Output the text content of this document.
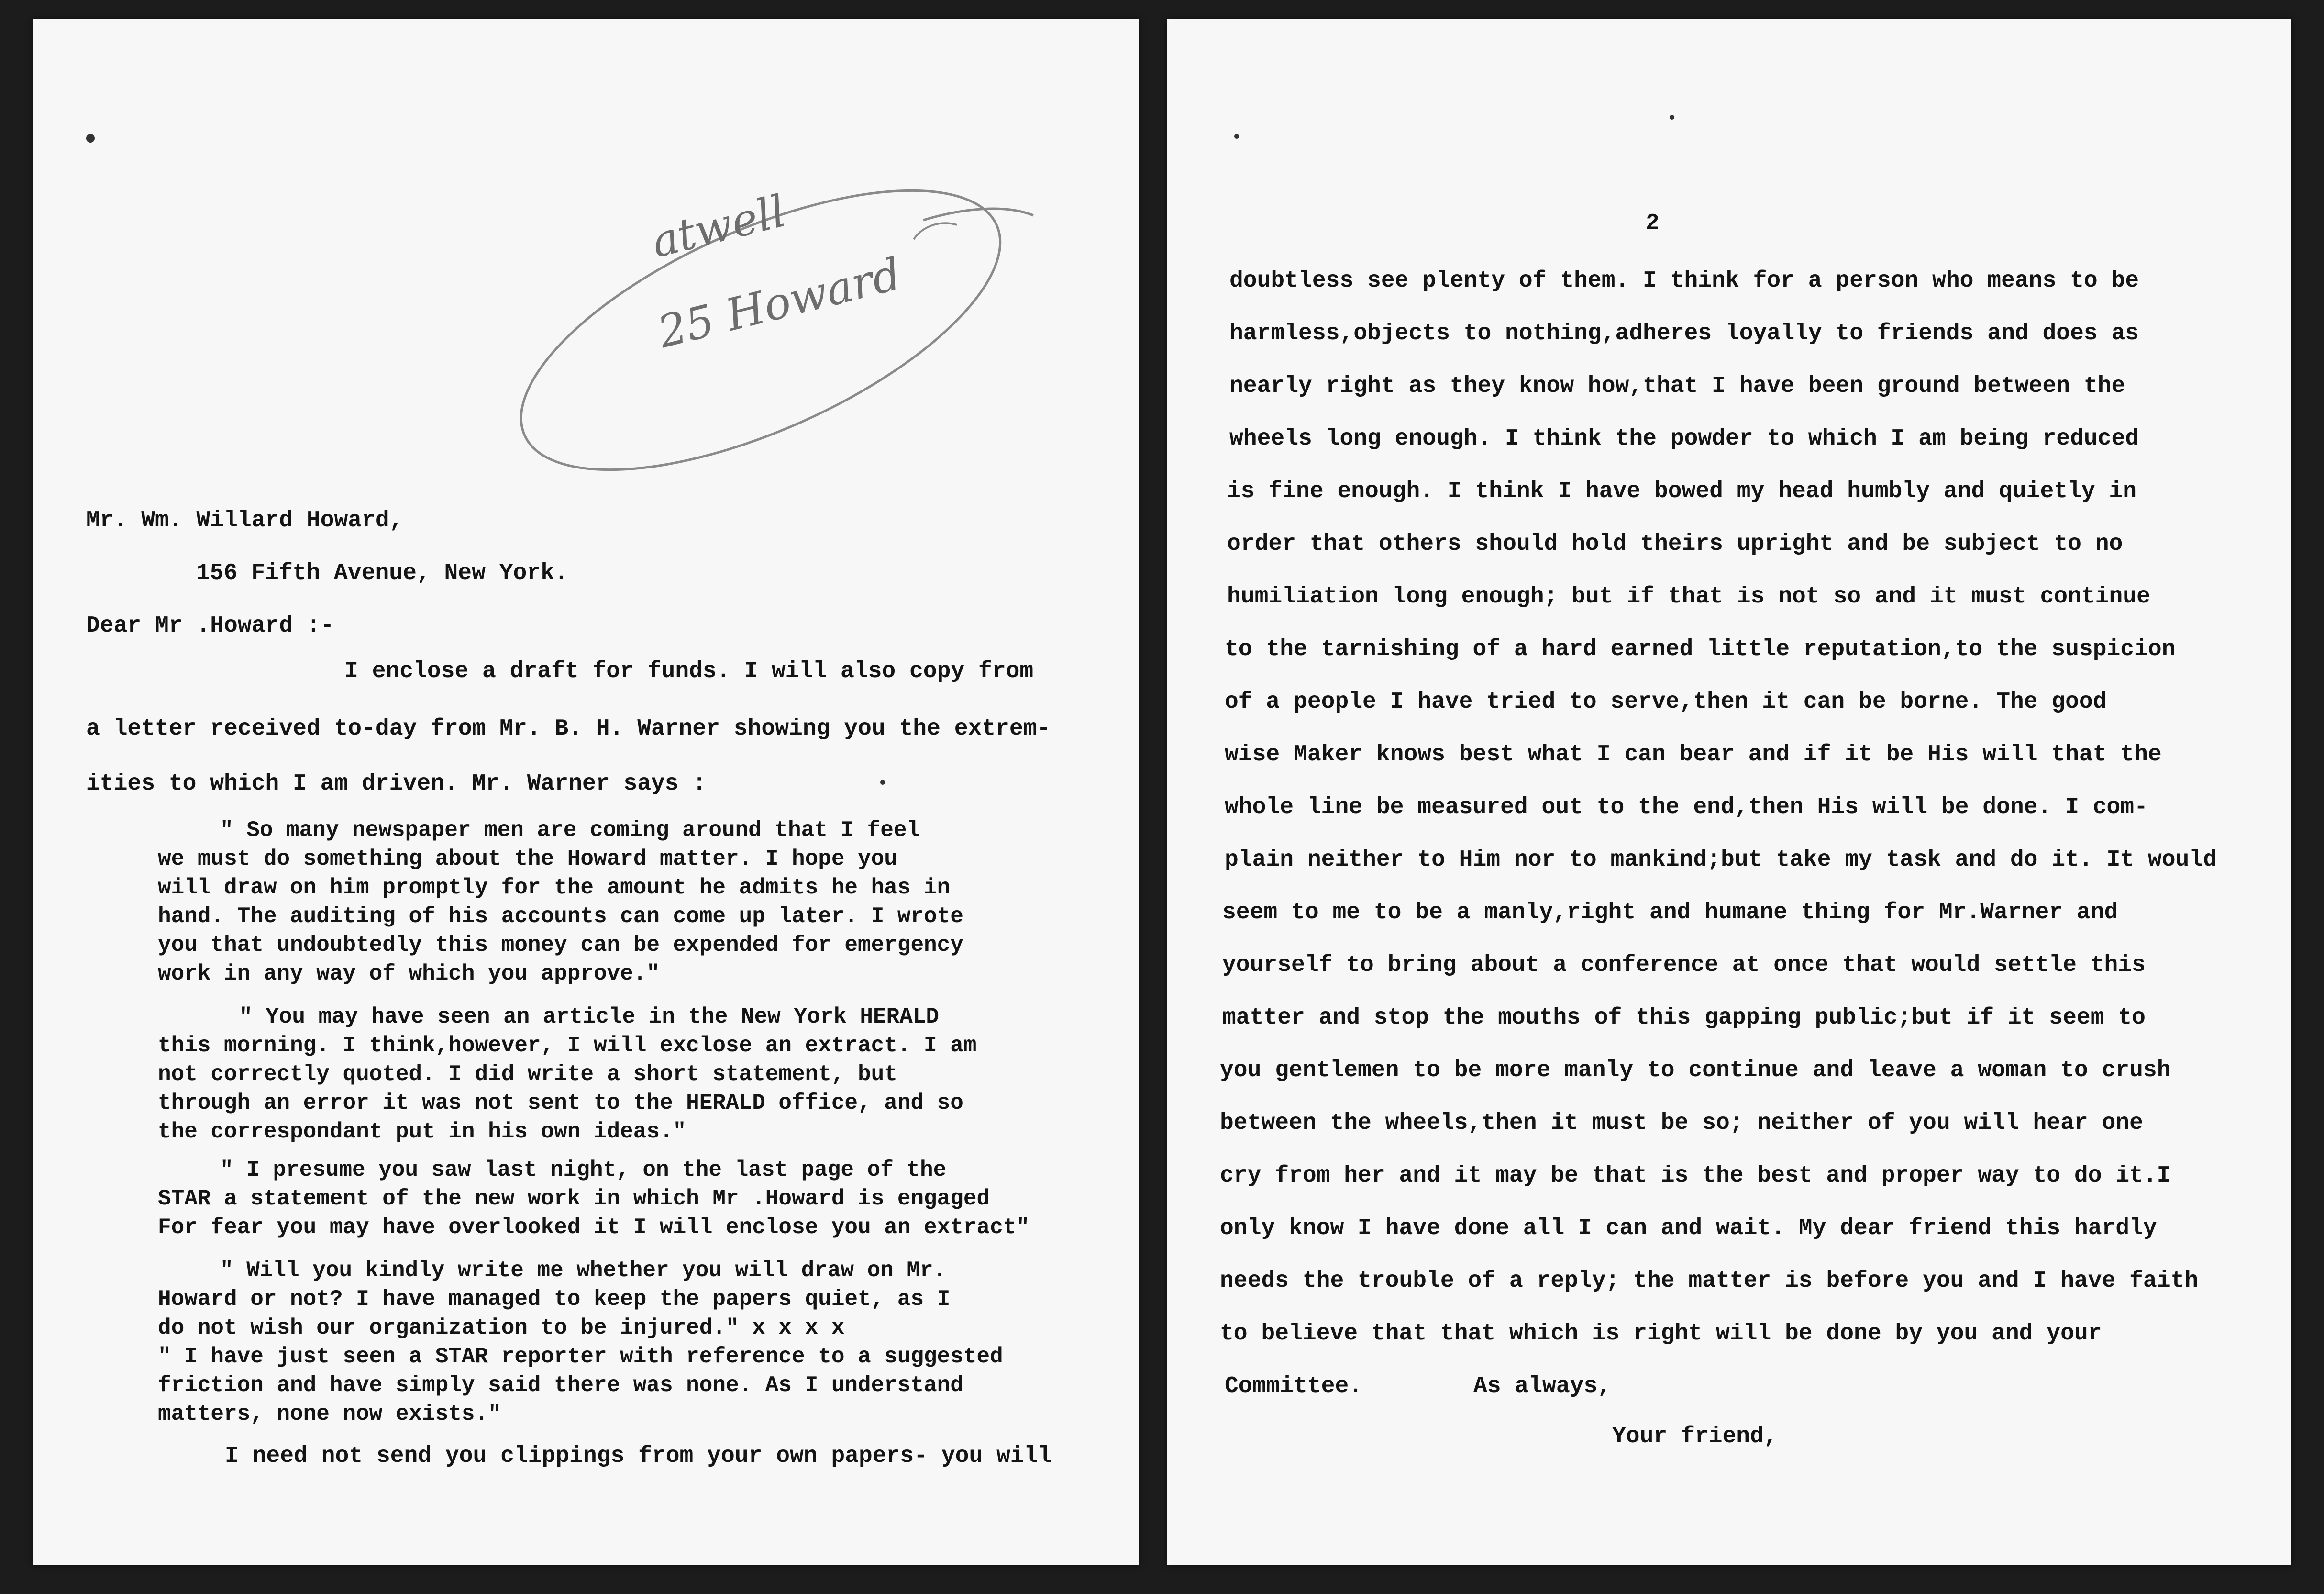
atwell
25 Howard
Mr. Wm. Willard Howard,
156 Fifth Avenue, New York.
Dear Mr .Howard :-
I enclose a draft for funds. I will also copy from
a letter received to-day from Mr. B. H. Warner showing you the extrem-
ities to which I am driven. Mr. Warner says :
" So many newspaper men are coming around that I feel
we must do something about the Howard matter. I hope you
will draw on him promptly for the amount he admits he has in
hand. The auditing of his accounts can come up later. I wrote
you that undoubtedly this money can be expended for emergency
work in any way of which you approve."
" You may have seen an article in the New York HERALD
this morning. I think,however, I will exclose an extract. I am
not correctly quoted. I did write a short statement, but
through an error it was not sent to the HERALD office, and so
the correspondant put in his own ideas."
" I presume you saw last night, on the last page of the
STAR a statement of the new work in which Mr .Howard is engaged
For fear you may have overlooked it I will enclose you an extract"
" Will you kindly write me whether you will draw on Mr.
Howard or not? I have managed to keep the papers quiet, as I
do not wish our organization to be injured." x x x x
" I have just seen a STAR reporter with reference to a suggested
friction and have simply said there was none. As I understand
matters, none now exists."
I need not send you clippings from your own papers- you will
2
doubtless see plenty of them. I think for a person who means to be
harmless,objects to nothing,adheres loyally to friends and does as
nearly right as they know how,that I have been ground between the
wheels long enough. I think the powder to which I am being reduced
is fine enough. I think I have bowed my head humbly and quietly in
order that others should hold theirs upright and be subject to no
humiliation long enough; but if that is not so and it must continue
to the tarnishing of a hard earned little reputation,to the suspicion
of a people I have tried to serve,then it can be borne. The good
wise Maker knows best what I can bear and if it be His will that the
whole line be measured out to the end,then His will be done. I com-
plain neither to Him nor to mankind;but take my task and do it. It would
seem to me to be a manly,right and humane thing for Mr.Warner and
yourself to bring about a conference at once that would settle this
matter and stop the mouths of this gapping public;but if it seem to
you gentlemen to be more manly to continue and leave a woman to crush
between the wheels,then it must be so; neither of you will hear one
cry from her and it may be that is the best and proper way to do it.I
only know I have done all I can and wait. My dear friend this hardly
needs the trouble of a reply; the matter is before you and I have faith
to believe that that which is right will be done by you and your
Committee.	As always,
Your friend,
